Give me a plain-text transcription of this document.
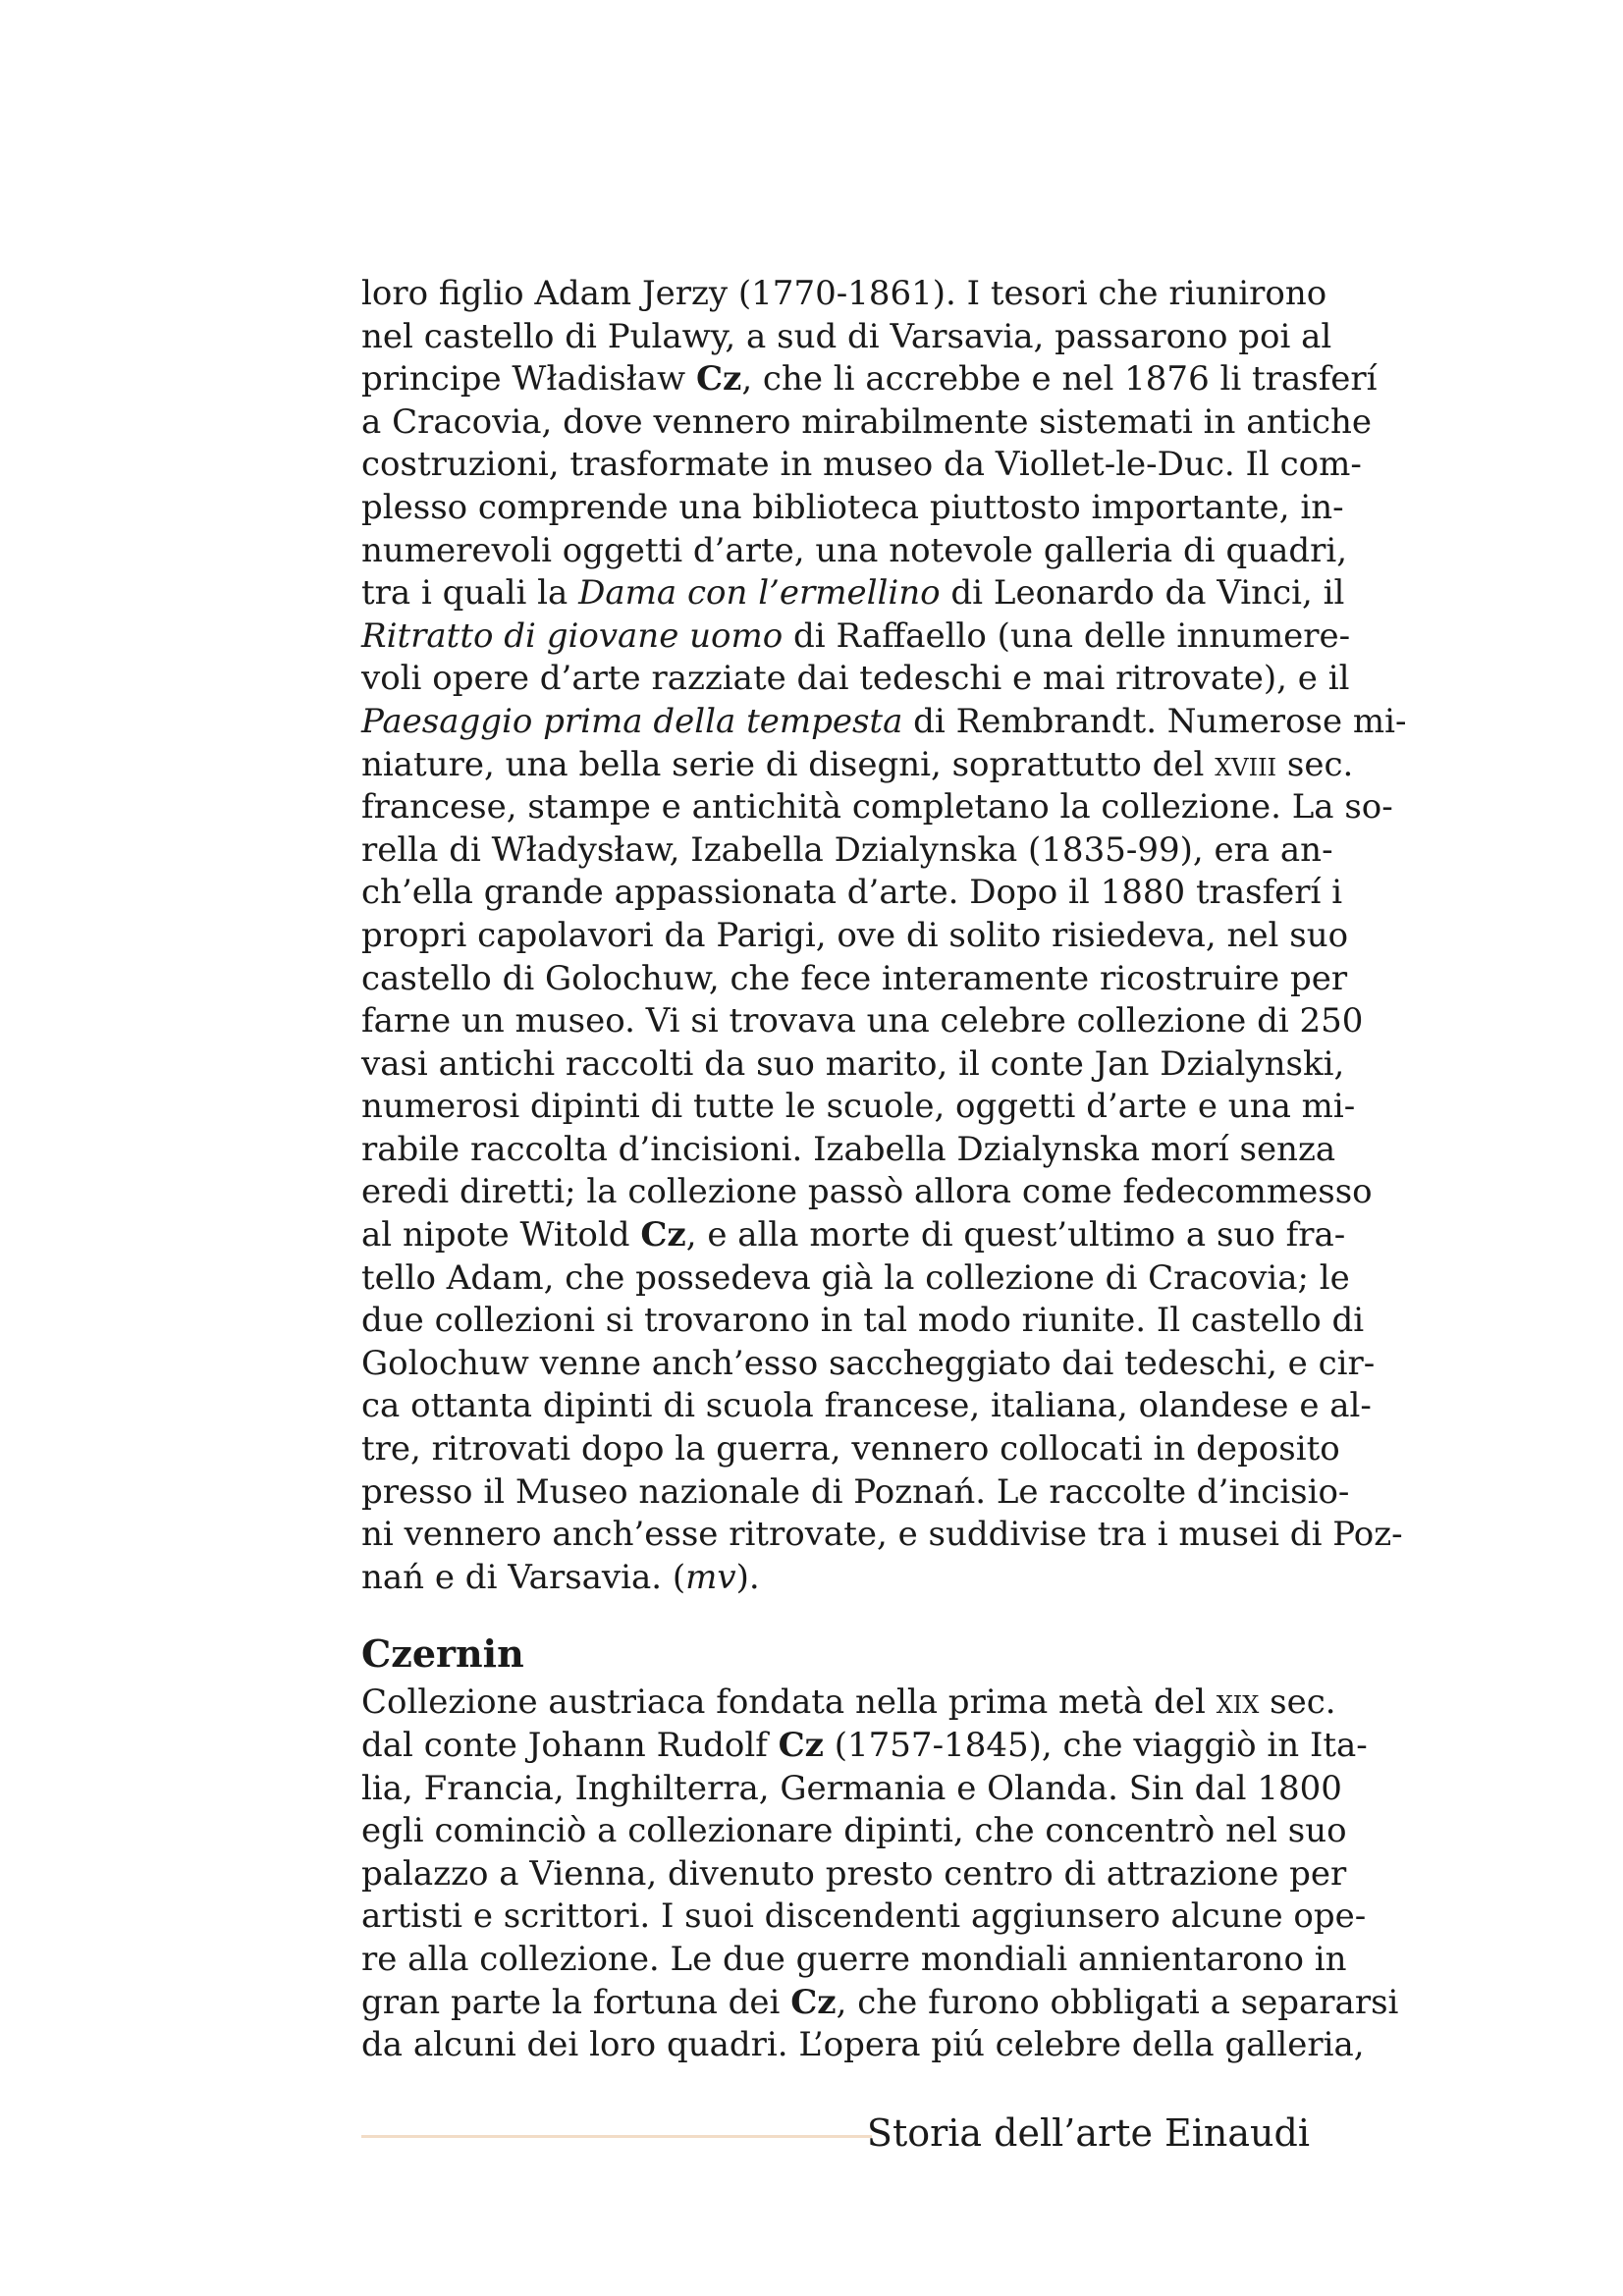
loro figlio Adam Jerzy (1770-1861). I tesori che riunirono
nel castello di Pulawy, a sud di Varsavia, passarono poi al
principe Władisław Cz, che li accrebbe e nel 1876 li trasferí
a Cracovia, dove vennero mirabilmente sistemati in antiche
costruzioni, trasformate in museo da Viollet-le-Duc. Il com-
plesso comprende una biblioteca piuttosto importante, in-
numerevoli oggetti d’arte, una notevole galleria di quadri,
tra i quali la Dama con l’ermellino di Leonardo da Vinci, il
Ritratto di giovane uomo di Raffaello (una delle innumere-
voli opere d’arte razziate dai tedeschi e mai ritrovate), e il
Paesaggio prima della tempesta di Rembrandt. Numerose mi-
niature, una bella serie di disegni, soprattutto del xviii sec.
francese, stampe e antichità completano la collezione. La so-
rella di Władysław, Izabella Dzialynska (1835-99), era an-
ch’ella grande appassionata d’arte. Dopo il 1880 trasferí i
propri capolavori da Parigi, ove di solito risiedeva, nel suo
castello di Golochuw, che fece interamente ricostruire per
farne un museo. Vi si trovava una celebre collezione di 250
vasi antichi raccolti da suo marito, il conte Jan Dzialynski,
numerosi dipinti di tutte le scuole, oggetti d’arte e una mi-
rabile raccolta d’incisioni. Izabella Dzialynska morí senza
eredi diretti; la collezione passò allora come fedecommesso
al nipote Witold Cz, e alla morte di quest’ultimo a suo fra-
tello Adam, che possedeva già la collezione di Cracovia; le
due collezioni si trovarono in tal modo riunite. Il castello di
Golochuw venne anch’esso saccheggiato dai tedeschi, e cir-
ca ottanta dipinti di scuola francese, italiana, olandese e al-
tre, ritrovati dopo la guerra, vennero collocati in deposito
presso il Museo nazionale di Poznań. Le raccolte d’incisio-
ni vennero anch’esse ritrovate, e suddivise tra i musei di Poz-
nań e di Varsavia. (mv).
Czernin
Collezione austriaca fondata nella prima metà del xix sec.
dal conte Johann Rudolf Cz (1757-1845), che viaggiò in Ita-
lia, Francia, Inghilterra, Germania e Olanda. Sin dal 1800
egli cominciò a collezionare dipinti, che concentrò nel suo
palazzo a Vienna, divenuto presto centro di attrazione per
artisti e scrittori. I suoi discendenti aggiunsero alcune ope-
re alla collezione. Le due guerre mondiali annientarono in
gran parte la fortuna dei Cz, che furono obbligati a separarsi
da alcuni dei loro quadri. L’opera piú celebre della galleria,
Storia dell’arte Einaudi
